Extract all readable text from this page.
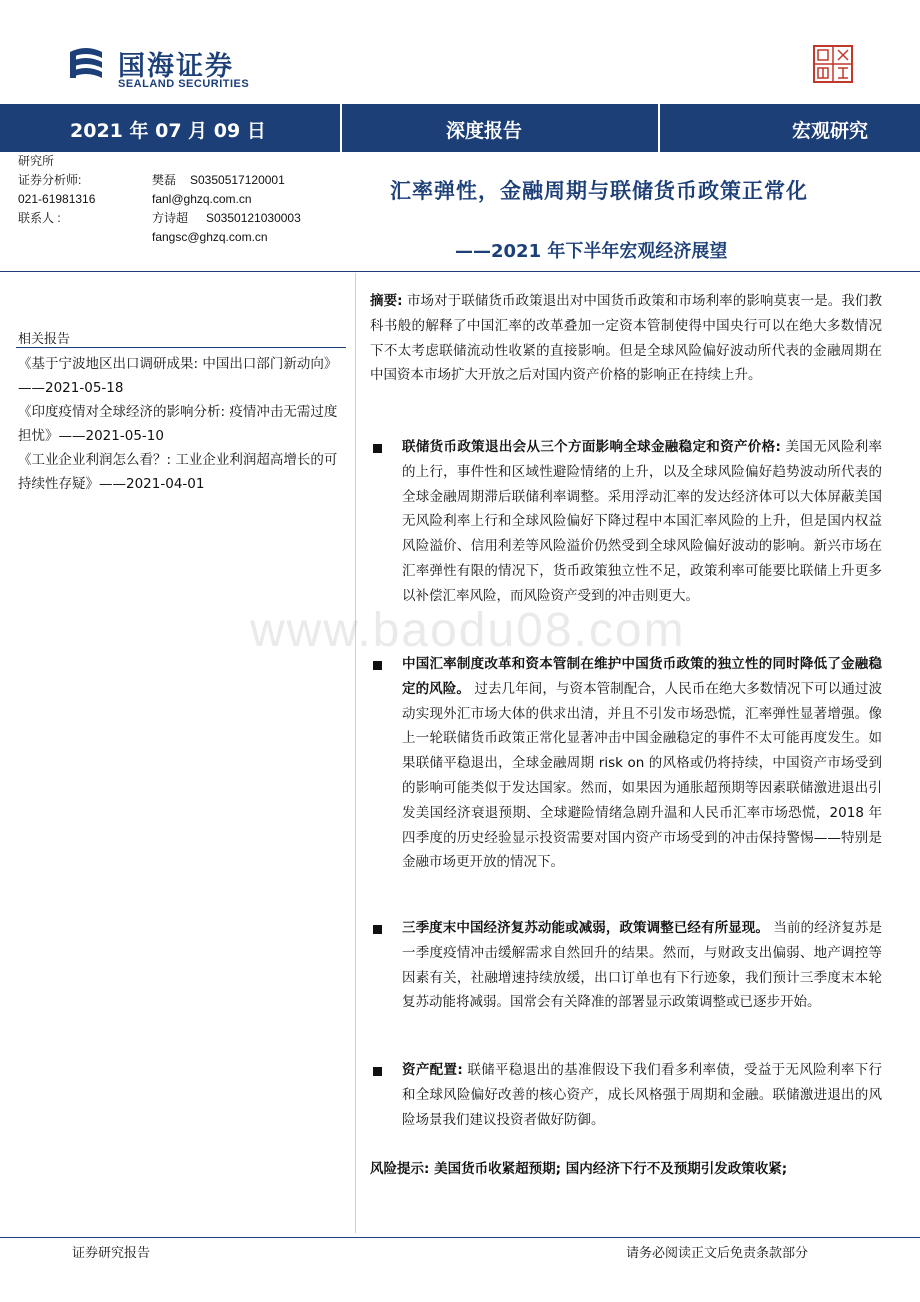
国海证券
SEALAND SECURITIES
2021 年 07 月 09 日	深度报告	宏观研究
研究所
证券分析师:	樊磊 S0350517120001
021-61981316	fanl@ghzq.com.cn
联系人 :	方诗超 S0350121030003
fangsc@ghzq.com.cn
汇率弹性，金融周期与联储货币政策正常化
——2021 年下半年宏观经济展望
相关报告

《基于宁波地区出口调研成果: 中国出口部门新动向》——2021-05-18

《印度疫情对全球经济的影响分析: 疫情冲击无需过度担忧》——2021-05-10

《工业企业利润怎么看？: 工业企业利润超高增长的可持续性存疑》——2021-04-01

摘要: 市场对于联储货币政策退出对中国货币政策和市场利率的影响莫衷一是。我们教科书般的解释了中国汇率的改革叠加一定资本管制使得中国央行可以在绝大多数情况下不太考虑联储流动性收紧的直接影响。但是全球风险偏好波动所代表的金融周期在中国资本市场扩大开放之后对国内资产价格的影响正在持续上升。
联储货币政策退出会从三个方面影响全球金融稳定和资产价格: 美国无风险利率的上行，事件性和区域性避险情绪的上升，以及全球风险偏好趋势波动所代表的全球金融周期滞后联储利率调整。采用浮动汇率的发达经济体可以大体屏蔽美国无风险利率上行和全球风险偏好下降过程中本国汇率风险的上升，但是国内权益风险溢价、信用利差等风险溢价仍然受到全球风险偏好波动的影响。新兴市场在汇率弹性有限的情况下，货币政策独立性不足，政策利率可能要比联储上升更多以补偿汇率风险，而风险资产受到的冲击则更大。
中国汇率制度改革和资本管制在维护中国货币政策的独立性的同时降低了金融稳定的风险。 过去几年间，与资本管制配合，人民币在绝大多数情况下可以通过波动实现外汇市场大体的供求出清，并且不引发市场恐慌，汇率弹性显著增强。像上一轮联储货币政策正常化显著冲击中国金融稳定的事件不太可能再度发生。如果联储平稳退出，全球金融周期 risk on 的风格或仍将持续，中国资产市场受到的影响可能类似于发达国家。然而，如果因为通胀超预期等因素联储激进退出引发美国经济衰退预期、全球避险情绪急剧升温和人民币汇率市场恐慌，2018 年四季度的历史经验显示投资需要对国内资产市场受到的冲击保持警惕——特别是金融市场更开放的情况下。
三季度末中国经济复苏动能或减弱，政策调整已经有所显现。 当前的经济复苏是一季度疫情冲击缓解需求自然回升的结果。然而，与财政支出偏弱、地产调控等因素有关，社融增速持续放缓，出口订单也有下行迹象，我们预计三季度末本轮复苏动能将减弱。国常会有关降准的部署显示政策调整或已逐步开始。
资产配置: 联储平稳退出的基准假设下我们看多利率债，受益于无风险利率下行和全球风险偏好改善的核心资产，成长风格强于周期和金融。联储激进退出的风险场景我们建议投资者做好防御。
风险提示: 美国货币收紧超预期; 国内经济下行不及预期引发政策收紧;
www.baodu08.com
证券研究报告	请务必阅读正文后免责条款部分
